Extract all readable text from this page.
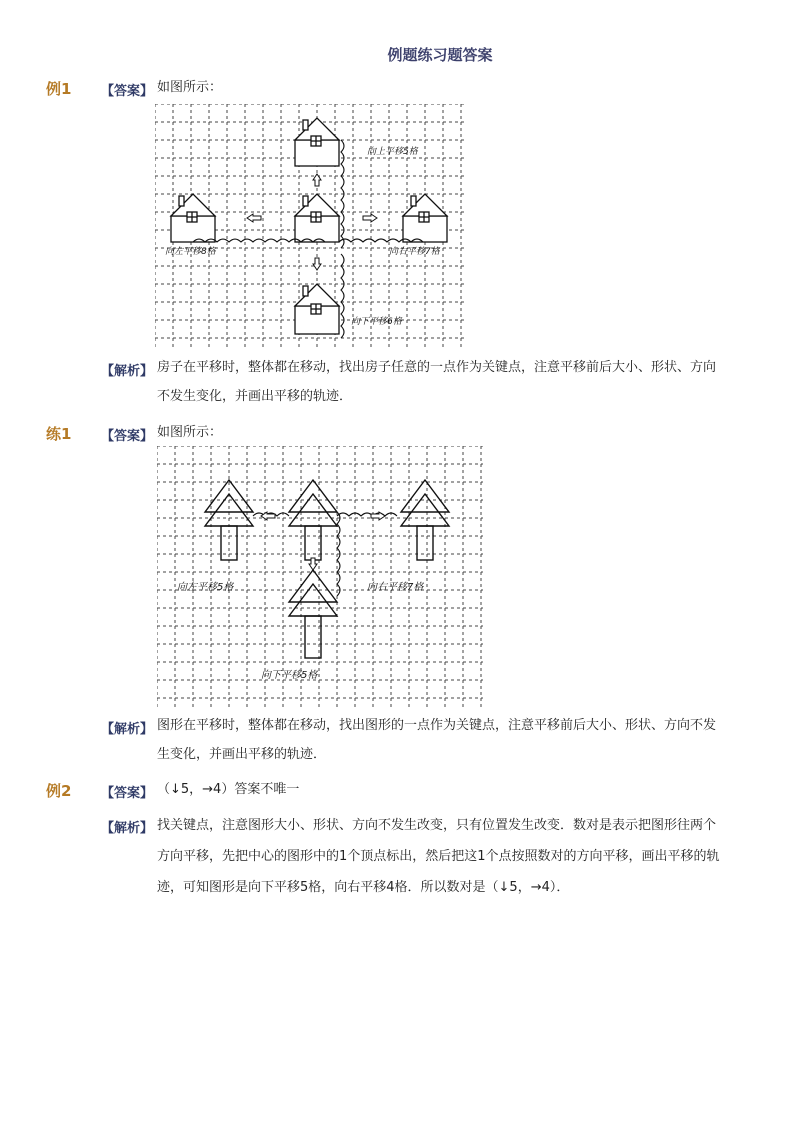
例题练习题答案
例1 【答案】 如图所示：
向上平移5格
向左平移8格	向右平移7格
向下平移6格
【解析】 房子在平移时，整体都在移动，找出房子任意的一点作为关键点，注意平移前后大小、形状、方向不发生变化，并画出平移的轨迹．
练1 【答案】 如图所示：
向左平移5格	向右平移7格
向下平移5格
【解析】 图形在平移时，整体都在移动，找出图形的一点作为关键点，注意平移前后大小、形状、方向不发生变化，并画出平移的轨迹．
例2 【答案】 （↓5，→4）答案不唯一
【解析】 找关键点，注意图形大小、形状、方向不发生改变，只有位置发生改变．数对是表示把图形往两个方向平移，先把中心的图形中的1个顶点标出，然后把这1个点按照数对的方向平移，画出平移的轨迹，可知图形是向下平移5格，向右平移4格．所以数对是（↓5，→4）．
